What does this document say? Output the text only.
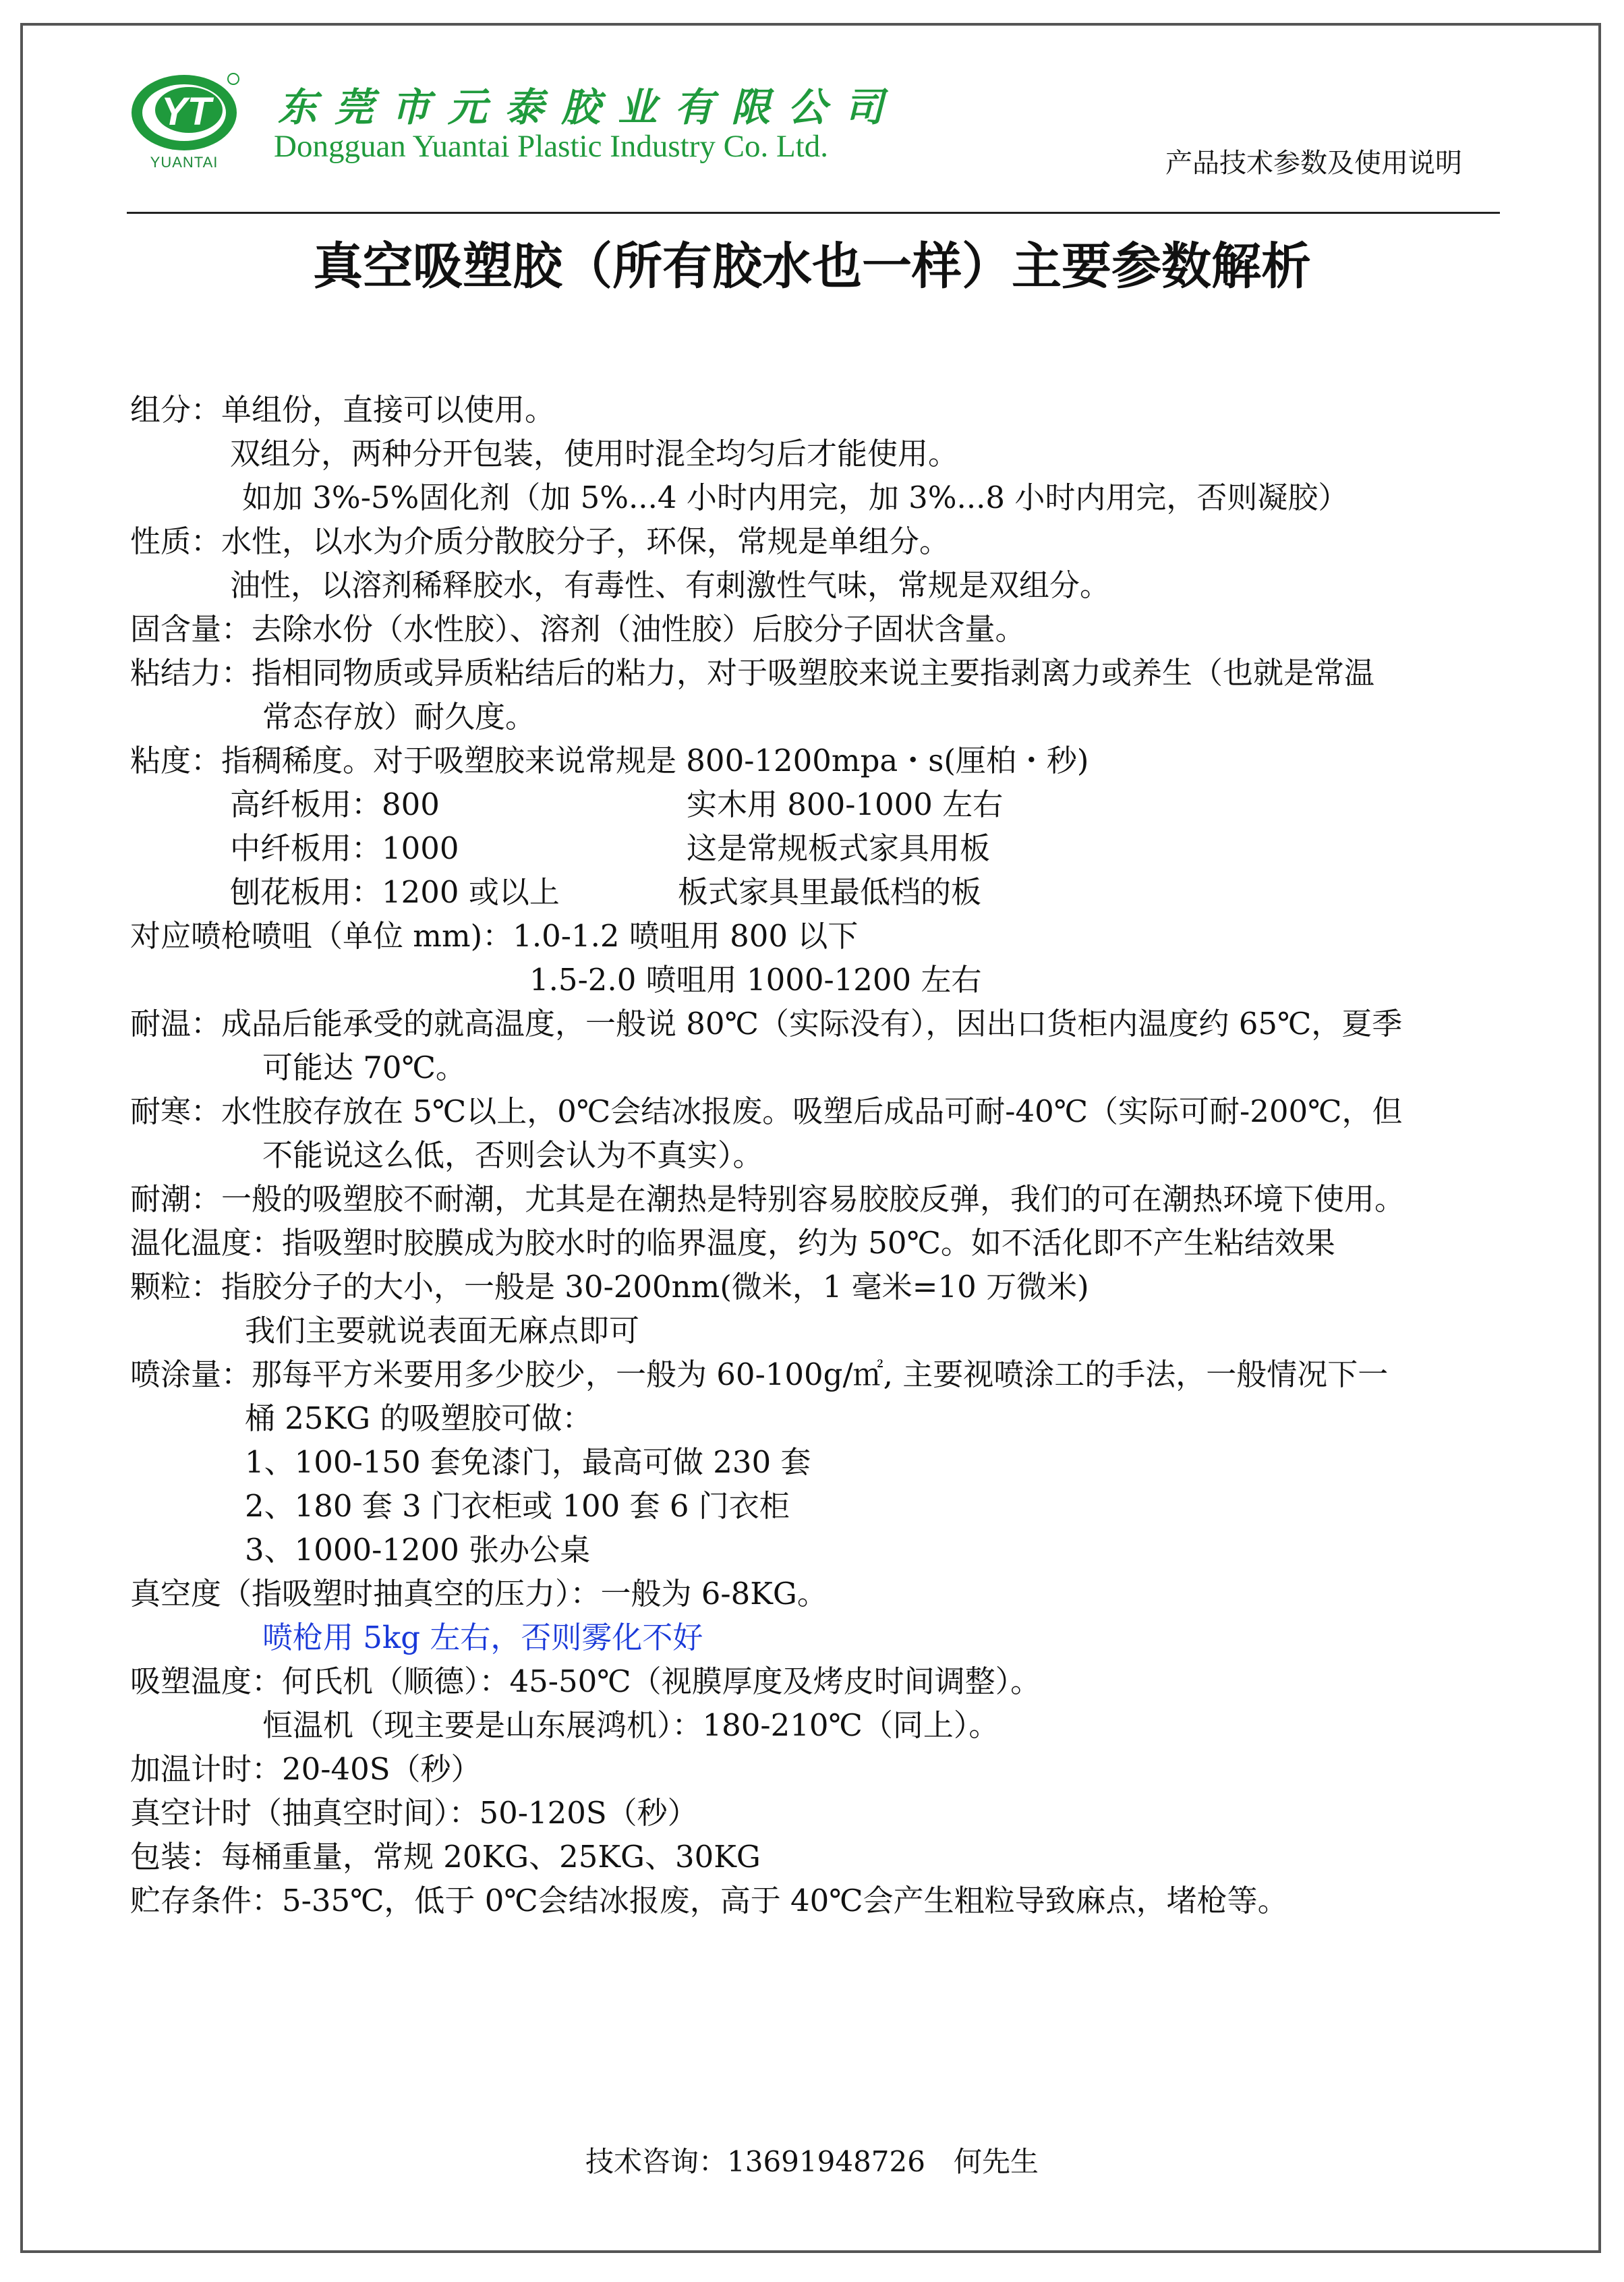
YT
YUANTAI
东莞市元泰胶业有限公司
Dongguan Yuantai Plastic Industry Co. Ltd.	产品技术参数及使用说明
真空吸塑胶（所有胶水也一样）主要参数解析
组分：单组份，直接可以使用。
双组分，两种分开包装，使用时混全均匀后才能使用。
如加 3%-5%固化剂（加 5%...4 小时内用完，加 3%...8 小时内用完，否则凝胶）
性质：水性，以水为介质分散胶分子，环保，常规是单组分。
油性，以溶剂稀释胶水，有毒性、有刺激性气味，常规是双组分。
固含量：去除水份（水性胶）、溶剂（油性胶）后胶分子固状含量。
粘结力：指相同物质或异质粘结后的粘力，对于吸塑胶来说主要指剥离力或养生（也就是常温
常态存放）耐久度。
粘度：指稠稀度。对于吸塑胶来说常规是 800-1200mpa・s(厘柏・秒)
高纤板用：800	实木用 800-1000 左右
中纤板用：1000	这是常规板式家具用板
刨花板用：1200 或以上	板式家具里最低档的板
对应喷枪喷咀（单位 mm)：1.0-1.2 喷咀用 800 以下
1.5-2.0 喷咀用 1000-1200 左右
耐温：成品后能承受的就高温度，一般说 80℃（实际没有），因出口货柜内温度约 65℃，夏季
可能达 70℃。
耐寒：水性胶存放在 5℃以上，0℃会结冰报废。吸塑后成品可耐-40℃（实际可耐-200℃，但
不能说这么低，否则会认为不真实）。
耐潮：一般的吸塑胶不耐潮，尤其是在潮热是特别容易胶胶反弹，我们的可在潮热环境下使用。
温化温度：指吸塑时胶膜成为胶水时的临界温度，约为 50℃。如不活化即不产生粘结效果
颗粒：指胶分子的大小，一般是 30-200nm(微米，1 毫米=10 万微米)
我们主要就说表面无麻点即可
喷涂量：那每平方米要用多少胶少，一般为 60-100g/㎡, 主要视喷涂工的手法，一般情况下一
桶 25KG 的吸塑胶可做：
1、100-150 套免漆门，最高可做 230 套
2、180 套 3 门衣柜或 100 套 6 门衣柜
3、1000-1200 张办公桌
真空度（指吸塑时抽真空的压力）：一般为 6-8KG。
喷枪用 5kg 左右，否则雾化不好
吸塑温度：何氏机（顺德）：45-50℃（视膜厚度及烤皮时间调整）。
恒温机（现主要是山东展鸿机）：180-210℃（同上）。
加温计时：20-40S（秒）
真空计时（抽真空时间）：50-120S（秒）
包装：每桶重量，常规 20KG、25KG、30KG
贮存条件：5-35℃，低于 0℃会结冰报废，高于 40℃会产生粗粒导致麻点，堵枪等。
技术咨询：13691948726　何先生
